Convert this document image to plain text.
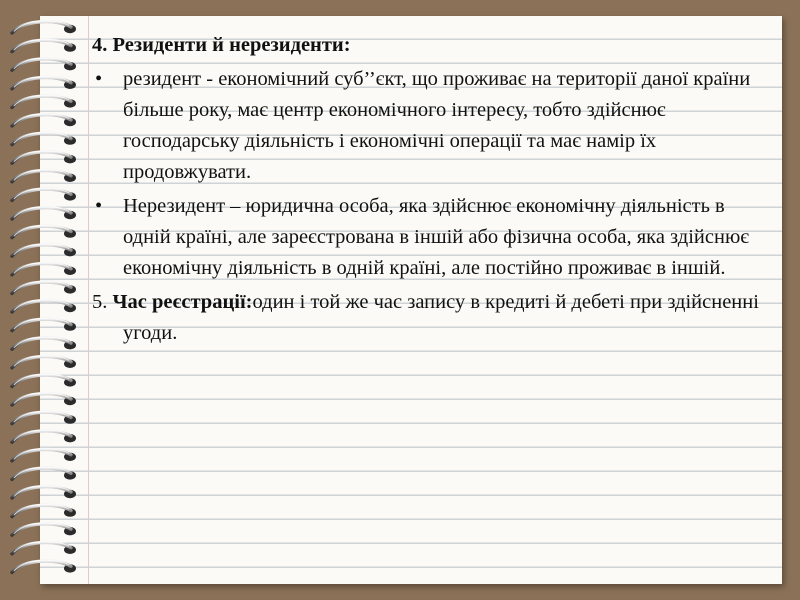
4. Резиденти й нерезиденти:

• резидент - економічний суб’’єкт, що проживає на території даної країни більше року, має центр економічного інтересу, тобто здійснює господарську діяльність і економічні операції та має намір їх продовжувати.
• Нерезидент – юридична особа, яка здійснює економічну діяльність в одній країні, але зареєстрована в іншій або фізична особа, яка здійснює економічну діяльність в одній країні, але постійно проживає в іншій.
5. Час реєстрації:один і той же час запису в кредиті й дебеті при здійсненні угоди.
